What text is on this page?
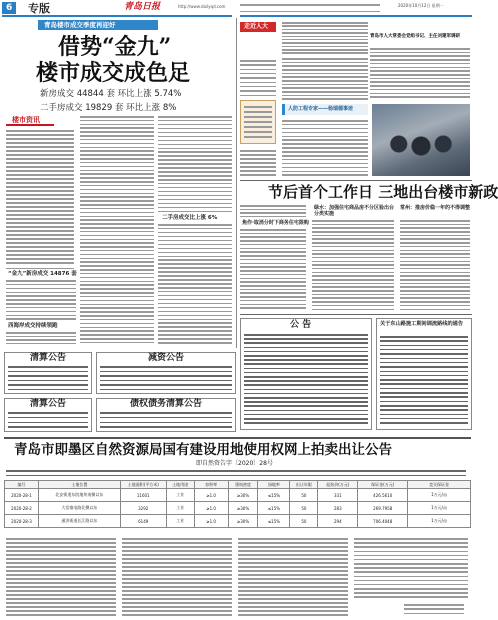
6 专版	青岛日报	http://www.dailyqd.com	2020年10月12日 星期一
青岛楼市成交季度再迎好
借势“金九”
楼市成交成色足
新房成交 44844 套 环比上涨 5.74%
二手房成交 19829 套 环比上涨 8%
楼市资讯
“金九”新房成交 14876 套
西海岸成交持续领跑
二手房成交比上涨 6%
走近人大
青岛市人大常委会党组书记、主任刘建军调研
人防工程专家——杨瑞德事迹
节后首个工作日 三地出台楼市新政
绿水：加强住宅商品房不分区验出台分类实施
常州：推房价稳一年的不得调整
焦作·取消分时下商务住宅限购
清算公告	减资公告
公 告	关于东山路施工期间调流路线的通告
清算公告	债权债务清算公告
青岛市即墨区自然资源局国有建设用地使用权网上拍卖出让公告
即自然资告字〔2020〕28号
编号	土地位置	土地面积(平方米)	土地用途	容积率	建筑密度	绿地率	出让年限	起始价(万元)	保证金(万元)	竞买保证金
2020-28-1	北安街道东院地块南侧以东	11601	工业	≥1.0	≥30%	≤15%	50	331	426.5610	1万元/亩
2020-28-2	大信镇电路北侧以东	3292	工业	≥1.0	≥30%	≤15%	50	283	269.7958	1万元/亩
2020-28-3	通济街道长江路以东	6149	工业	≥1.0	≥30%	≤15%	50	294	706.4048	1万元/亩
